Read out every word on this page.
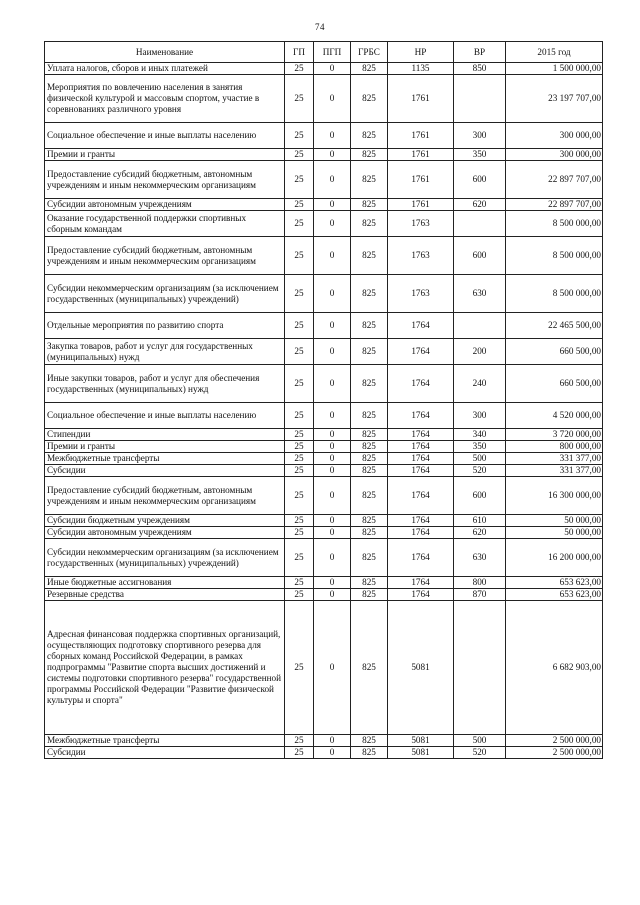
74
Наименование	ГП	ПГП	ГРБС	НР	ВР	2015 год
Уплата налогов, сборов и иных платежей	25	0	825	1135	850	1 500 000,00
Мероприятия по вовлечению населения в занятия физической культурой и массовым спортом, участие в соревнованиях различного уровня	25	0	825	1761		23 197 707,00
Социальное обеспечение и иные выплаты населению	25	0	825	1761	300	300 000,00
Премии и гранты	25	0	825	1761	350	300 000,00
Предоставление субсидий бюджетным, автономным учреждениям и иным некоммерческим организациям	25	0	825	1761	600	22 897 707,00
Субсидии автономным учреждениям	25	0	825	1761	620	22 897 707,00
Оказание государственной поддержки спортивных сборным командам	25	0	825	1763		8 500 000,00
Предоставление субсидий бюджетным, автономным учреждениям и иным некоммерческим организациям	25	0	825	1763	600	8 500 000,00
Субсидии некоммерческим организациям (за исключением государственных (муниципальных) учреждений)	25	0	825	1763	630	8 500 000,00
Отдельные мероприятия по развитию спорта	25	0	825	1764		22 465 500,00
Закупка товаров, работ и услуг для государственных (муниципальных) нужд	25	0	825	1764	200	660 500,00
Иные закупки товаров, работ и услуг для обеспечения государственных (муниципальных) нужд	25	0	825	1764	240	660 500,00
Социальное обеспечение и иные выплаты населению	25	0	825	1764	300	4 520 000,00
Стипендии	25	0	825	1764	340	3 720 000,00
Премии и гранты	25	0	825	1764	350	800 000,00
Межбюджетные трансферты	25	0	825	1764	500	331 377,00
Субсидии	25	0	825	1764	520	331 377,00
Предоставление субсидий бюджетным, автономным учреждениям и иным некоммерческим организациям	25	0	825	1764	600	16 300 000,00
Субсидии бюджетным учреждениям	25	0	825	1764	610	50 000,00
Субсидии автономным учреждениям	25	0	825	1764	620	50 000,00
Субсидии некоммерческим организациям (за исключением государственных (муниципальных) учреждений)	25	0	825	1764	630	16 200 000,00
Иные бюджетные ассигнования	25	0	825	1764	800	653 623,00
Резервные средства	25	0	825	1764	870	653 623,00
Адресная финансовая поддержка спортивных организаций, осуществляющих подготовку спортивного резерва для сборных команд Российской Федерации, в рамках подпрограммы "Развитие спорта высших достижений и системы подготовки спортивного резерва" государственной программы Российской Федерации "Развитие физической культуры и спорта"	25	0	825	5081		6 682 903,00
Межбюджетные трансферты	25	0	825	5081	500	2 500 000,00
Субсидии	25	0	825	5081	520	2 500 000,00
